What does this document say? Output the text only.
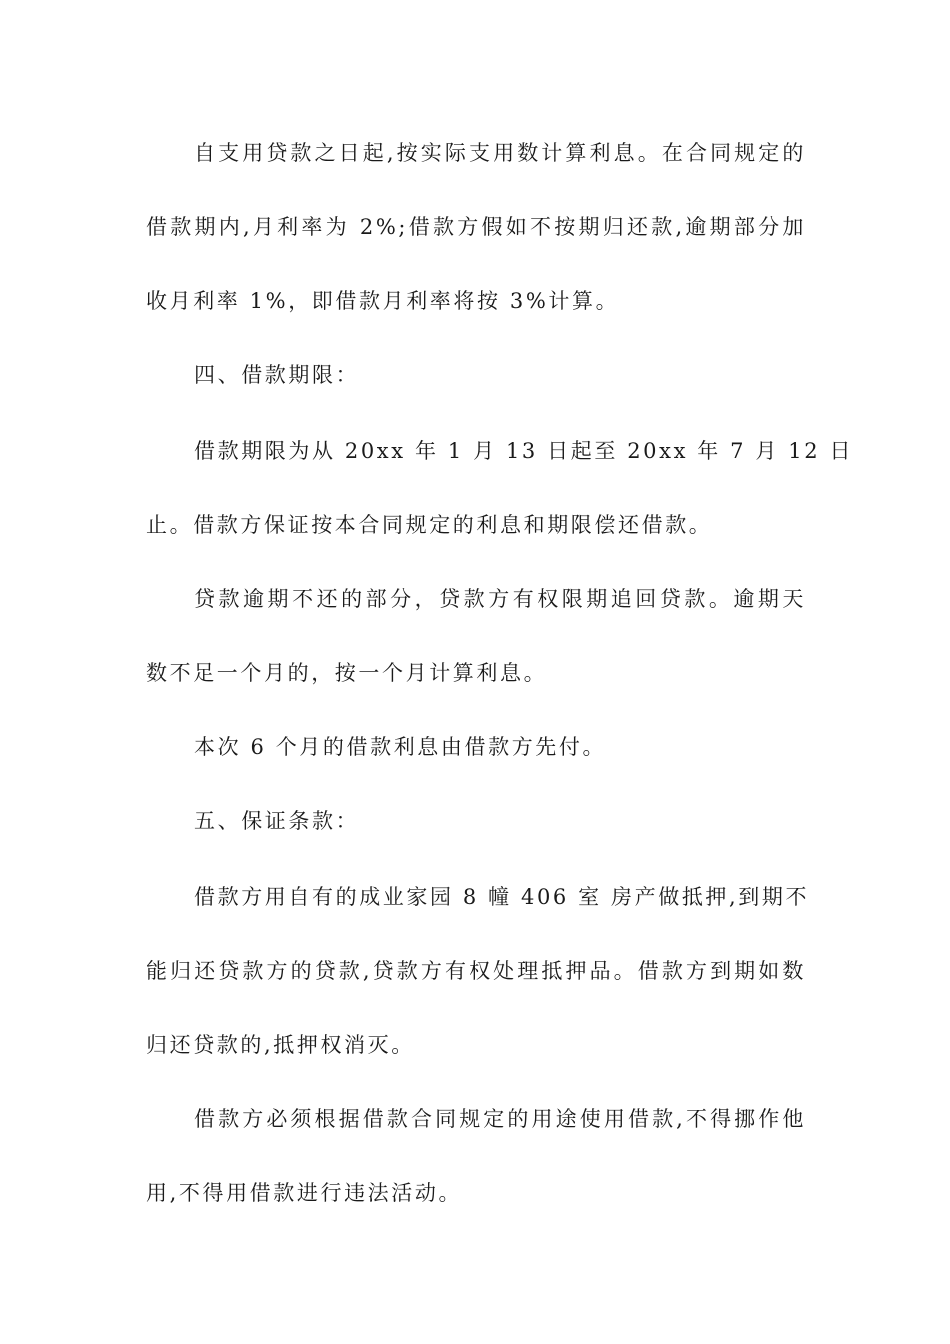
自支用贷款之日起,按实际支用数计算利息。在合同规定的
借款期内,月利率为 2%;借款方假如不按期归还款,逾期部分加
收月利率 1%，即借款月利率将按 3%计算。
四、借款期限：
借款期限为从 20xx 年 1 月 13 日起至 20xx 年 7 月 12 日
止。借款方保证按本合同规定的利息和期限偿还借款。
贷款逾期不还的部分，贷款方有权限期追回贷款。逾期天
数不足一个月的，按一个月计算利息。
本次 6 个月的借款利息由借款方先付。
五、保证条款：
借款方用自有的成业家园 8 幢 406 室 房产做抵押,到期不
能归还贷款方的贷款,贷款方有权处理抵押品。借款方到期如数
归还贷款的,抵押权消灭。
借款方必须根据借款合同规定的用途使用借款,不得挪作他
用,不得用借款进行违法活动。
